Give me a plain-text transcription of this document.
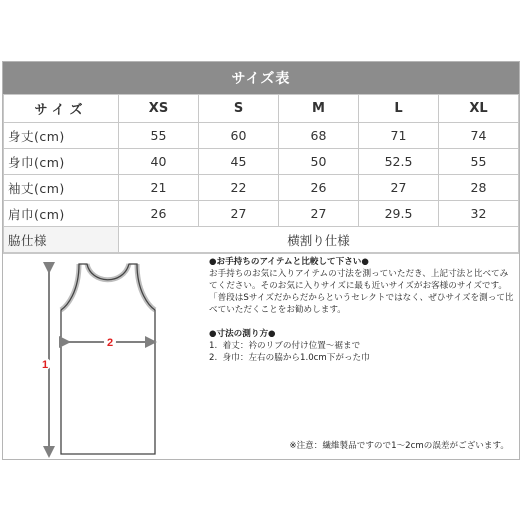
サイズ表
サイズ	XS	S	M	L	XL
身丈(cm)	55	60	68	71	74
身巾(cm)	40	45	50	52.5	55
袖丈(cm)	21	22	26	27	28
肩巾(cm)	26	27	27	29.5	32
脇仕様	横割り仕様				
1
2
●お手持ちのアイテムと比較して下さい●
お手持ちのお気に入りアイテムの寸法を測っていただき、上記寸法と比べてみてください。そのお気に入りサイズに最も近いサイズがお客様のサイズです。「普段はSサイズだからだからというセレクトではなく、ぜひサイズを測って比べていただくことをお勧めします。
●寸法の測り方●
1.  着丈：衿のリブの付け位置～裾まで
2.  身巾：左右の脇から1.0cm下がった巾
※注意：繊維製品ですので1～2cmの誤差がございます。
